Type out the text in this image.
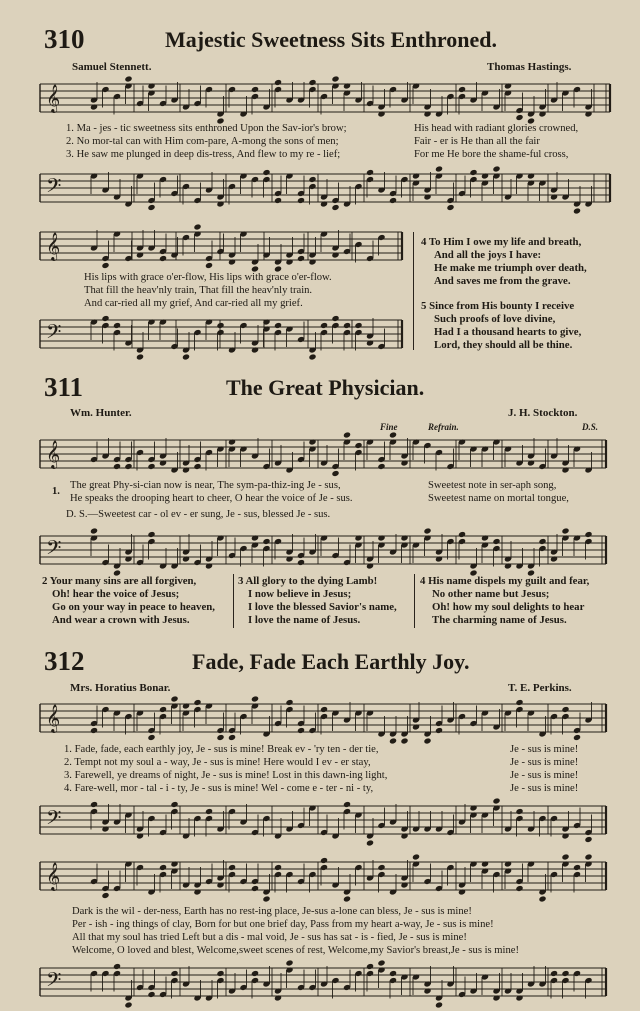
310	Majestic Sweetness Sits Enthroned.
Samuel Stennett.	Thomas Hastings.
𝄞
1. Ma - jes - tic sweetness sits enthroned Upon the Sav-ior's brow;
2. No mor-tal can with Him com-pare, A-mong the sons of men;
3. He saw me plunged in deep dis-tress, And flew to my re - lief;
His head with radiant glories crowned,
Fair - er is He than all the fair
For me He bore the shame-ful cross,
𝄢
𝄞
His lips with grace o'er-flow, His lips with grace o'er-flow.
That fill the heav'nly train, That fill the heav'nly train.
And car-ried all my grief, And car-ried all my grief.
𝄢
4 To Him I owe my life and breath,
And all the joys I have:
He make me triumph over death,
And saves me from the grave.
5 Since from His bounty I receive
Such proofs of love divine,
Had I a thousand hearts to give,
Lord, they should all be thine.
311	The Great Physician.
Wm. Hunter.	J. H. Stockton.
Fine	Refrain.	D.S.
𝄞
1.
The great Phy-si-cian now is near, The sym-pa-thiz-ing Je - sus,
He speaks the drooping heart to cheer, O hear the voice of Je - sus.
D. S.—Sweetest car - ol ev - er sung, Je - sus, blessed Je - sus.
Sweetest note in ser-aph song,
Sweetest name on mortal tongue,
𝄢
2 Your many sins are all forgiven,
Oh! hear the voice of Jesus;
Go on your way in peace to heaven,
And wear a crown with Jesus.
3 All glory to the dying Lamb!
I now believe in Jesus;
I love the blessed Savior's name,
I love the name of Jesus.
4 His name dispels my guilt and fear,
No other name but Jesus;
Oh! how my soul delights to hear
The charming name of Jesus.
312	Fade, Fade Each Earthly Joy.
Mrs. Horatius Bonar.	T. E. Perkins.
𝄞
1. Fade, fade, each earthly joy, Je - sus is mine! Break ev - 'ry ten - der tie,
2. Tempt not my soul a - way, Je - sus is mine! Here would I ev - er stay,
3. Farewell, ye dreams of night, Je - sus is mine! Lost in this dawn-ing light,
4. Fare-well, mor - tal - i - ty, Je - sus is mine! Wel - come e - ter - ni - ty,
Je - sus is mine!
Je - sus is mine!
Je - sus is mine!
Je - sus is mine!
𝄢
𝄞
Dark is the wil - der-ness, Earth has no rest-ing place, Je-sus a-lone can bless, Je - sus is mine!
Per - ish - ing things of clay, Born for but one brief day, Pass from my heart a-way, Je - sus is mine!
All that my soul has tried Left but a dis - mal void, Je - sus has sat - is - fied, Je - sus is mine!
Welcome, O loved and blest, Welcome,sweet scenes of rest, Welcome,my Savior's breast,Je - sus is mine!
𝄢
